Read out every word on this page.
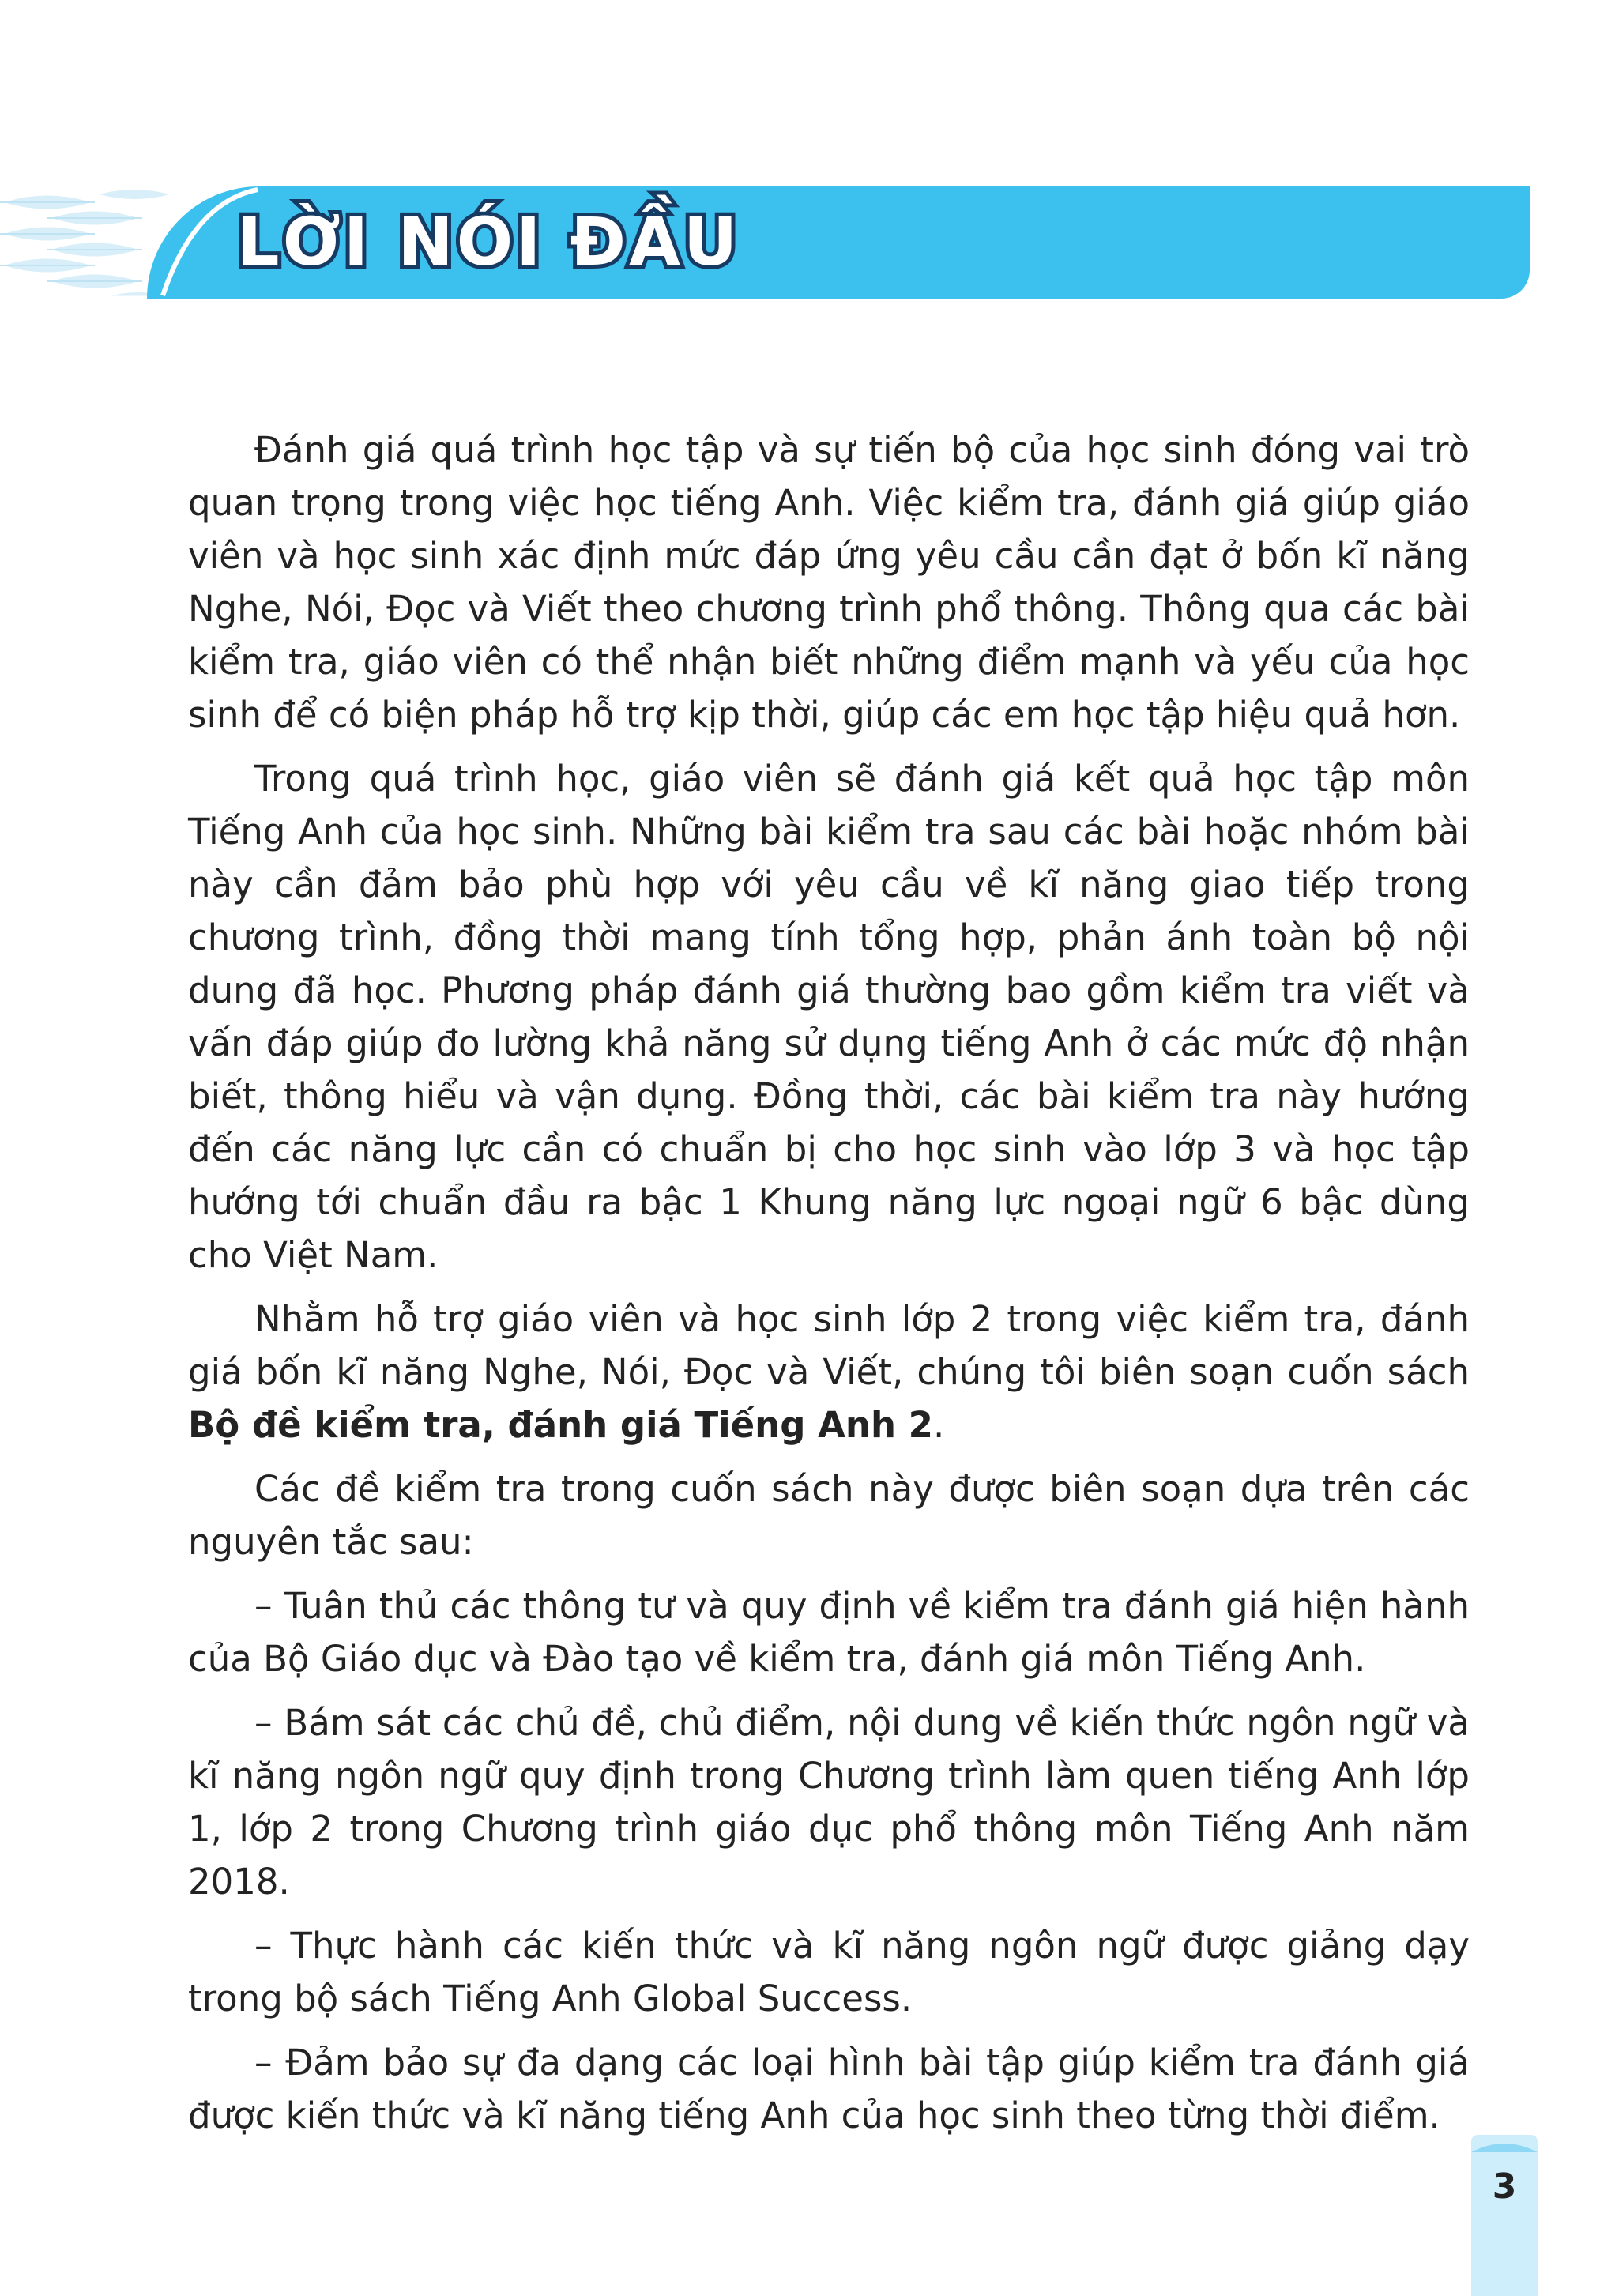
LỜI NÓI ĐẦU

Đánh giá quá trình học tập và sự tiến bộ của học sinh đóng vai trò quan trọng trong việc học tiếng Anh. Việc kiểm tra, đánh giá giúp giáo viên và học sinh xác định mức đáp ứng yêu cầu cần đạt ở bốn kĩ năng Nghe, Nói, Đọc và Viết theo chương trình phổ thông. Thông qua các bài kiểm tra, giáo viên có thể nhận biết những điểm mạnh và yếu của học sinh để có biện pháp hỗ trợ kịp thời, giúp các em học tập hiệu quả hơn.

Trong quá trình học, giáo viên sẽ đánh giá kết quả học tập môn Tiếng Anh của học sinh. Những bài kiểm tra sau các bài hoặc nhóm bài này cần đảm bảo phù hợp với yêu cầu về kĩ năng giao tiếp trong chương trình, đồng thời mang tính tổng hợp, phản ánh toàn bộ nội dung đã học. Phương pháp đánh giá thường bao gồm kiểm tra viết và vấn đáp giúp đo lường khả năng sử dụng tiếng Anh ở các mức độ nhận biết, thông hiểu và vận dụng. Đồng thời, các bài kiểm tra này hướng đến các năng lực cần có chuẩn bị cho học sinh vào lớp 3 và học tập hướng tới chuẩn đầu ra bậc 1 Khung năng lực ngoại ngữ 6 bậc dùng cho Việt Nam.

Nhằm hỗ trợ giáo viên và học sinh lớp 2 trong việc kiểm tra, đánh giá bốn kĩ năng Nghe, Nói, Đọc và Viết, chúng tôi biên soạn cuốn sách Bộ đề kiểm tra, đánh giá Tiếng Anh 2.

Các đề kiểm tra trong cuốn sách này được biên soạn dựa trên các nguyên tắc sau:

– Tuân thủ các thông tư và quy định về kiểm tra đánh giá hiện hành của Bộ Giáo dục và Đào tạo về kiểm tra, đánh giá môn Tiếng Anh.

– Bám sát các chủ đề, chủ điểm, nội dung về kiến thức ngôn ngữ và kĩ năng ngôn ngữ quy định trong Chương trình làm quen tiếng Anh lớp 1, lớp 2 trong Chương trình giáo dục phổ thông môn Tiếng Anh năm 2018.

– Thực hành các kiến thức và kĩ năng ngôn ngữ được giảng dạy trong bộ sách Tiếng Anh Global Success.

– Đảm bảo sự đa dạng các loại hình bài tập giúp kiểm tra đánh giá được kiến thức và kĩ năng tiếng Anh của học sinh theo từng thời điểm.

3
